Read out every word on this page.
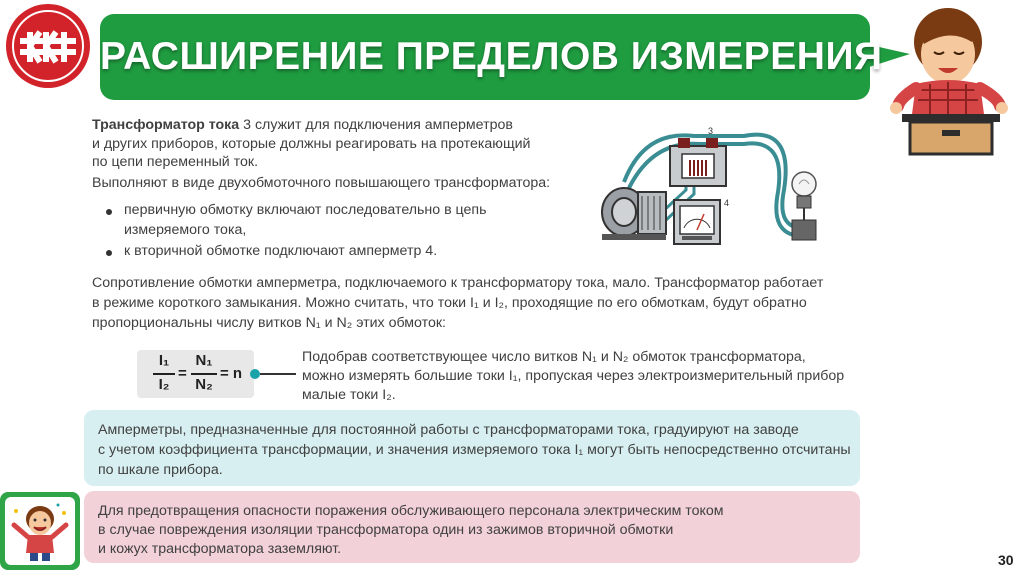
РАСШИРЕНИЕ ПРЕДЕЛОВ ИЗМЕРЕНИЯ
Трансформатор тока 3 служит для подключения амперметров
и других приборов, которые должны реагировать на протекающий
по цепи переменный ток.
Выполняют в виде двухобмоточного повышающего трансформатора:
первичную обмотку включают последовательно в цепь
измеряемого тока,
к вторичной обмотке подключают амперметр 4.
3
4
Сопротивление обмотки амперметра, подключаемого к трансформатору тока, мало. Трансформатор работает
в режиме короткого замыкания. Можно считать, что токи I₁ и I₂, проходящие по его обмоткам, будут обратно
пропорциональны числу витков N₁ и N₂ этих обмоток:
I₁
I₂
=
N₁
N₂
= n
Подобрав соответствующее число витков N₁ и N₂ обмоток трансформатора,
можно измерять большие токи I₁, пропуская через электроизмерительный прибор
малые токи I₂.
Амперметры, предназначенные для постоянной работы с трансформаторами тока, градуируют на заводе
с учетом коэффициента трансформации, и значения измеряемого тока I₁ могут быть непосредственно отсчитаны
по шкале прибора.
Для предотвращения опасности поражения обслуживающего персонала электрическим током
в случае повреждения изоляции трансформатора один из зажимов вторичной обмотки
и кожух трансформатора заземляют.
30
